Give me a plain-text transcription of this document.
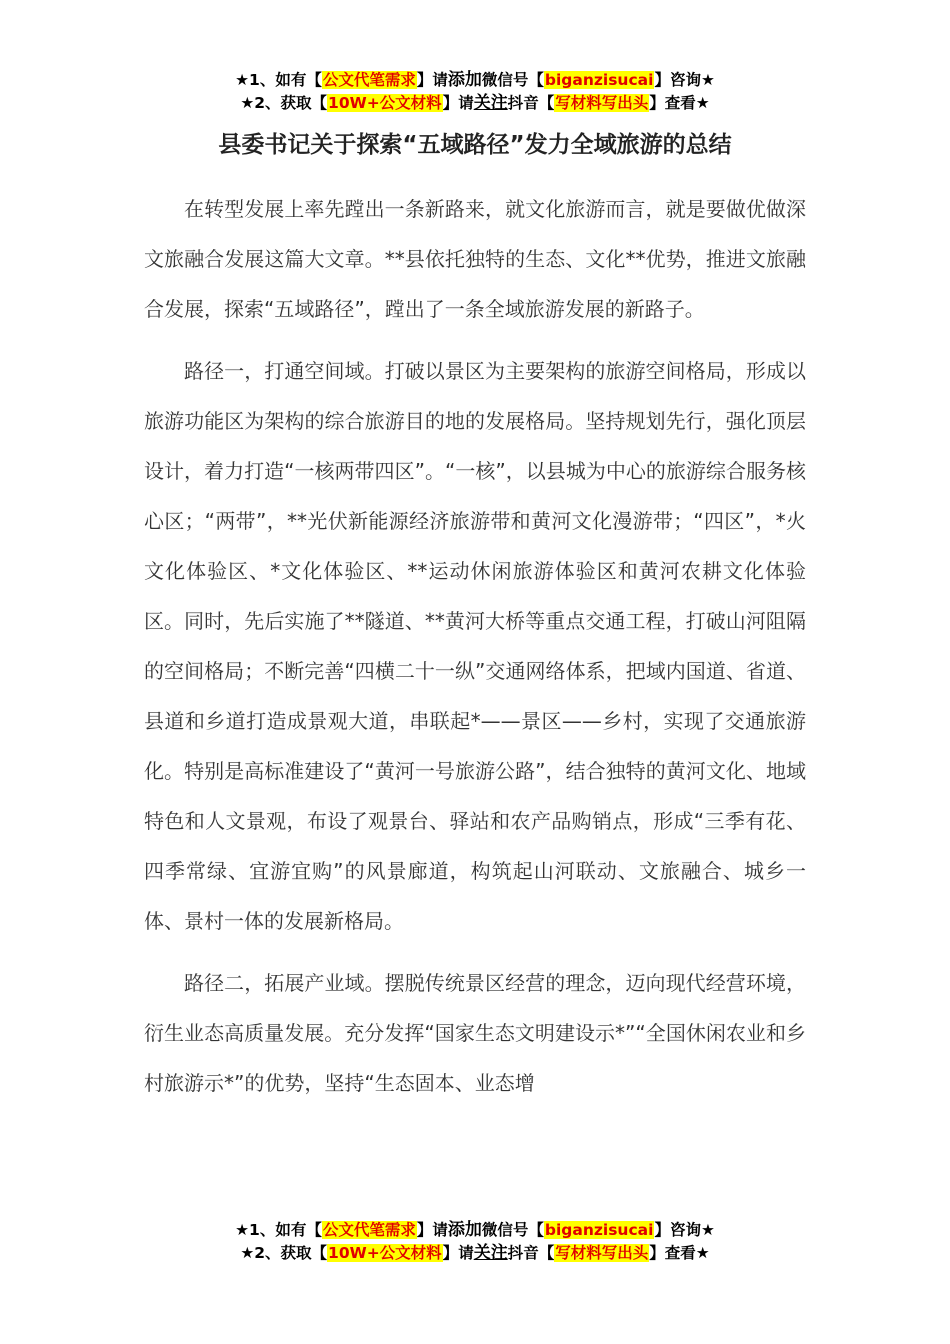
★1、如有【公文代笔需求】请添加微信号【biganzisucai】咨询★
★2、获取【10W+公文材料】请关注抖音【写材料写出头】查看★
县委书记关于探索“五域路径”发力全域旅游的总结

在转型发展上率先蹚出一条新路来，就文化旅游而言，就是要做优做深文旅融合发展这篇大文章。**县依托独特的生态、文化**优势，推进文旅融合发展，探索“五域路径”，蹚出了一条全域旅游发展的新路子。

路径一，打通空间域。打破以景区为主要架构的旅游空间格局，形成以旅游功能区为架构的综合旅游目的地的发展格局。坚持规划先行，强化顶层设计，着力打造“一核两带四区”。“一核”，以县城为中心的旅游综合服务核心区；“两带”，**光伏新能源经济旅游带和黄河文化漫游带；“四区”，*火文化体验区、*文化体验区、**运动休闲旅游体验区和黄河农耕文化体验区。同时，先后实施了**隧道、**黄河大桥等重点交通工程，打破山河阻隔的空间格局；不断完善“四横二十一纵”交通网络体系，把域内国道、省道、县道和乡道打造成景观大道，串联起*——景区——乡村，实现了交通旅游化。特别是高标准建设了“黄河一号旅游公路”，结合独特的黄河文化、地域特色和人文景观，布设了观景台、驿站和农产品购销点，形成“三季有花、四季常绿、宜游宜购”的风景廊道，构筑起山河联动、文旅融合、城乡一体、景村一体的发展新格局。

路径二，拓展产业域。摆脱传统景区经营的理念，迈向现代经营环境，衍生业态高质量发展。充分发挥“国家生态文明建设示*”“全国休闲农业和乡村旅游示*”的优势，坚持“生态固本、业态增

★1、如有【公文代笔需求】请添加微信号【biganzisucai】咨询★
★2、获取【10W+公文材料】请关注抖音【写材料写出头】查看★
